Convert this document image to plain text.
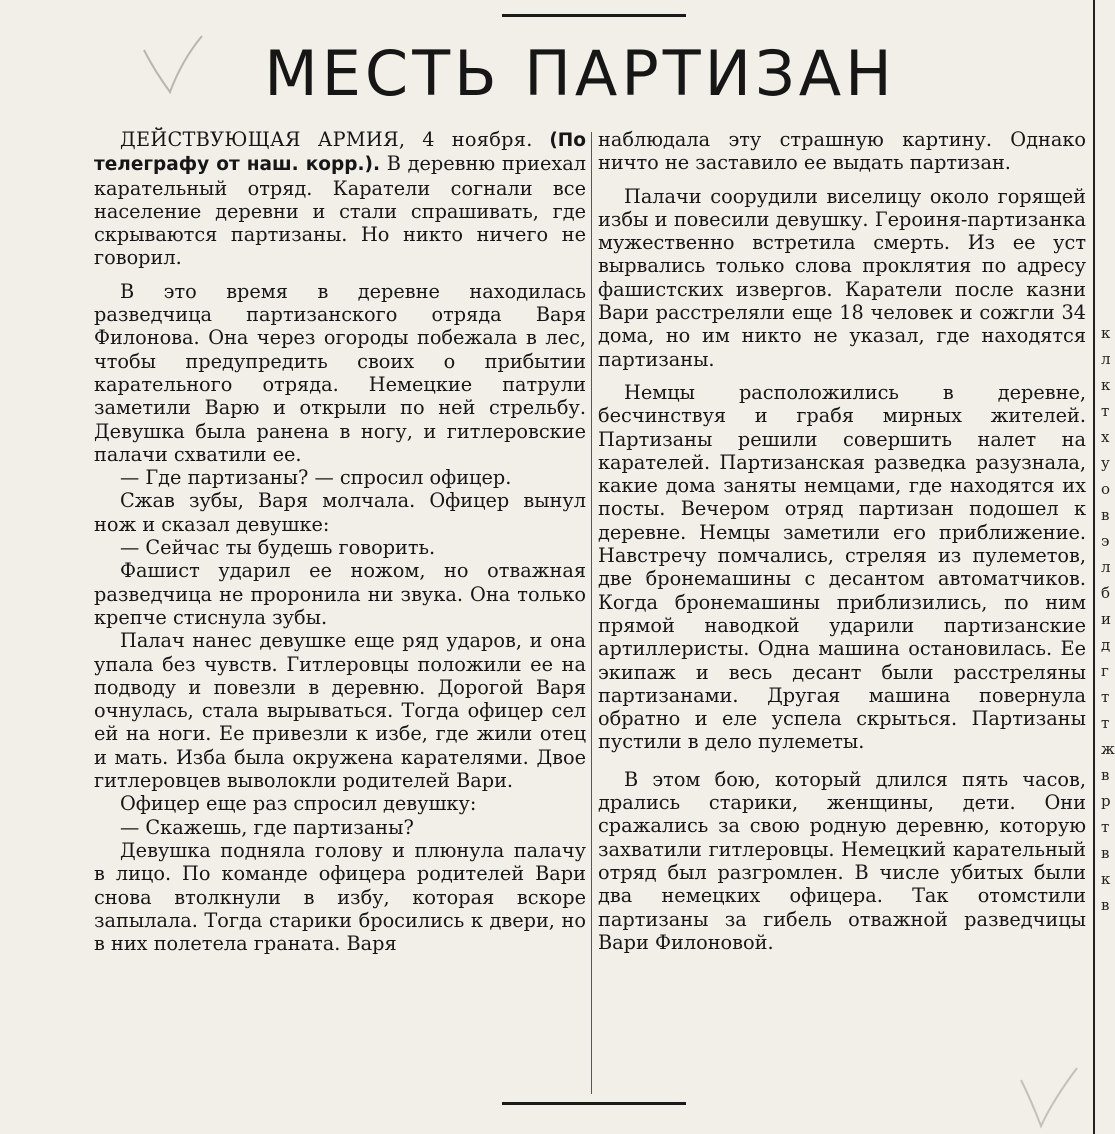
МЕСТЬ ПАРТИЗАН

ДЕЙСТВУЮЩАЯ АРМИЯ, 4 ноября. (По телеграфу от наш. корр.). В деревню приехал карательный отряд. Каратели согнали все население деревни и стали спрашивать, где скрываются партизаны. Но никто ничего не говорил.

В это время в деревне находилась разведчица партизанского отряда Варя Филонова. Она через огороды побежала в лес, чтобы предупредить своих о прибытии карательного отряда. Немецкие патрули заметили Варю и открыли по ней стрельбу. Девушка была ранена в ногу, и гитлеровские палачи схватили ее.

— Где партизаны? — спросил офицер.

Сжав зубы, Варя молчала. Офицер вынул нож и сказал девушке:

— Сейчас ты будешь говорить.

Фашист ударил ее ножом, но отважная разведчица не проронила ни звука. Она только крепче стиснула зубы.

Палач нанес девушке еще ряд ударов, и она упала без чувств. Гитлеровцы положили ее на подводу и повезли в деревню. Дорогой Варя очнулась, стала вырываться. Тогда офицер сел ей на ноги. Ее привезли к избе, где жили отец и мать. Изба была окружена карателями. Двое гитлеровцев выволокли родителей Вари.

Офицер еще раз спросил девушку:

— Скажешь, где партизаны?

Девушка подняла голову и плюнула палачу в лицо. По команде офицера родителей Вари снова втолкнули в избу, которая вскоре запылала. Тогда старики бросились к двери, но в них полетела граната. Варя

наблюдала эту страшную картину. Однако ничто не заставило ее выдать партизан.

Палачи соорудили виселицу около горящей избы и повесили девушку. Героиня-партизанка мужественно встретила смерть. Из ее уст вырвались только слова проклятия по адресу фашистских извергов. Каратели после казни Вари расстреляли еще 18 человек и сожгли 34 дома, но им никто не указал, где находятся партизаны.

Немцы расположились в деревне, бесчинствуя и грабя мирных жителей. Партизаны решили совершить налет на карателей. Партизанская разведка разузнала, какие дома заняты немцами, где находятся их посты. Вечером отряд партизан подошел к деревне. Немцы заметили его приближение. Навстречу помчались, стреляя из пулеметов, две бронемашины с десантом автоматчиков. Когда бронемашины приблизились, по ним прямой наводкой ударили партизанские артиллеристы. Одна машина остановилась. Ее экипаж и весь десант были расстреляны партизанами. Другая машина повернула обратно и еле успела скрыться. Партизаны пустили в дело пулеметы.

В этом бою, который длился пять часов, дрались старики, женщины, дети. Они сражались за свою родную деревню, которую захватили гитлеровцы. Немецкий карательный отряд был разгромлен. В числе убитых были два немецких офицера. Так отомстили партизаны за гибель отважной разведчицы Вари Филоновой.

к
л
к
т
х
у
о
в
э
л
б
и
д
г
т
т
ж
в
р
т
в
к
в
